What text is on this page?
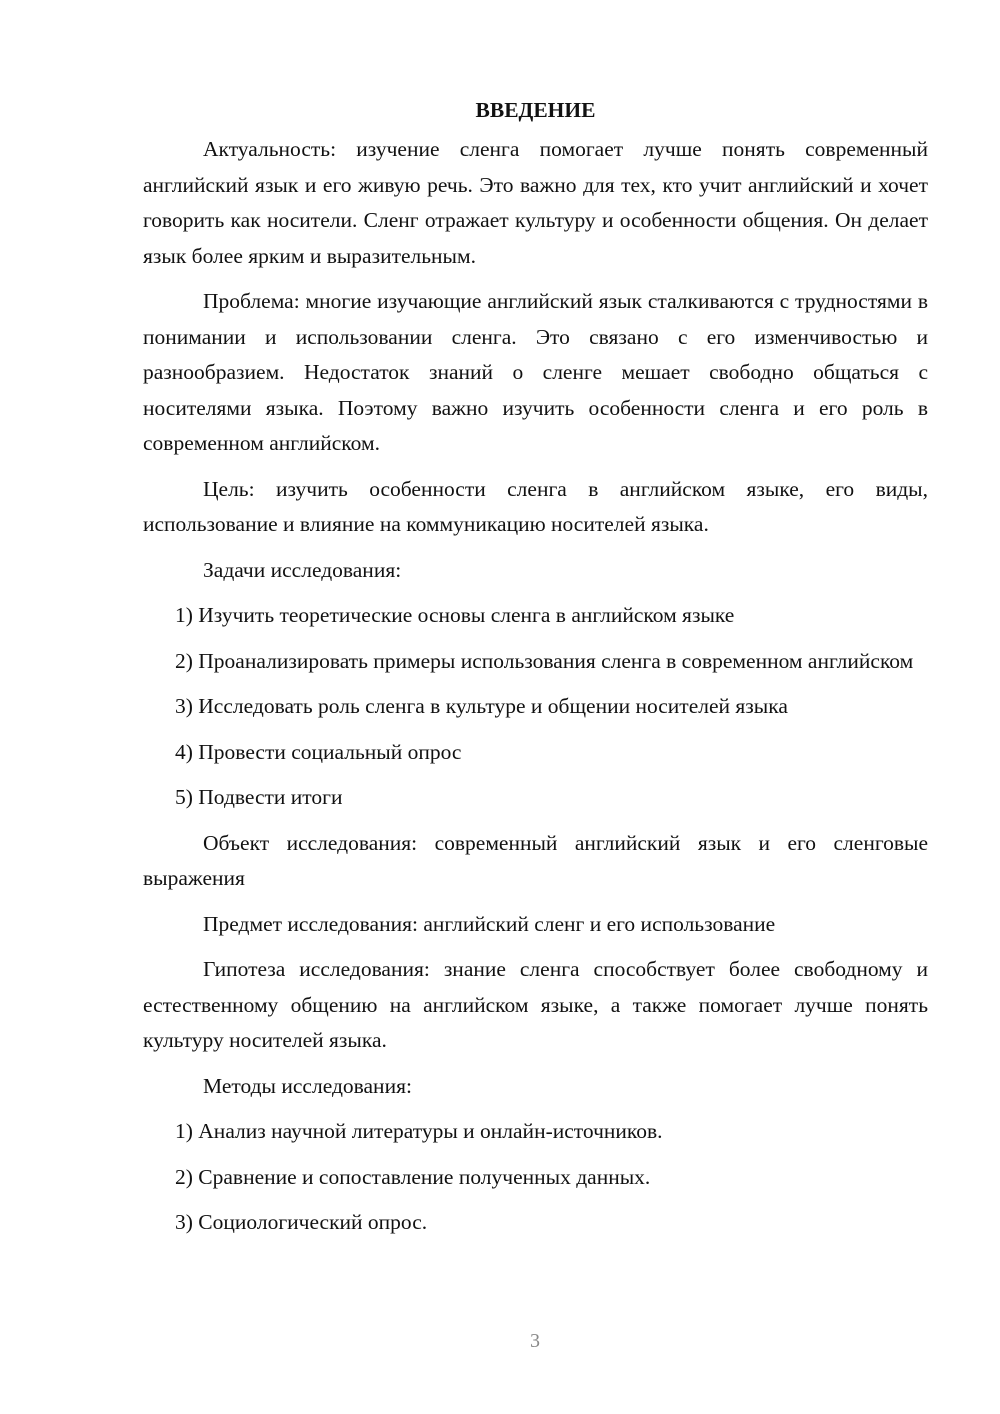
ВВЕДЕНИЕ

Актуальность: изучение сленга помогает лучше понять современный английский язык и его живую речь. Это важно для тех, кто учит английский и хочет говорить как носители. Сленг отражает культуру и особенности общения. Он делает язык более ярким и выразительным.

Проблема: многие изучающие английский язык сталкиваются с трудностями в понимании и использовании сленга. Это связано с его изменчивостью и разнообразием. Недостаток знаний о сленге мешает свободно общаться с носителями языка. Поэтому важно изучить особенности сленга и его роль в современном английском.

Цель: изучить особенности сленга в английском языке, его виды, использование и влияние на коммуникацию носителей языка.

Задачи исследования:

1) Изучить теоретические основы сленга в английском языке

2) Проанализировать примеры использования сленга в современном английском

3) Исследовать роль сленга в культуре и общении носителей языка

4) Провести социальный опрос

5) Подвести итоги

Объект исследования: современный английский язык и его сленговые выражения

Предмет исследования: английский сленг и его использование

Гипотеза исследования: знание сленга способствует более свободному и естественному общению на английском языке, а также помогает лучше понять культуру носителей языка.

Методы исследования:

1) Анализ научной литературы и онлайн-источников.

2) Сравнение и сопоставление полученных данных.

3) Социологический опрос.

3
